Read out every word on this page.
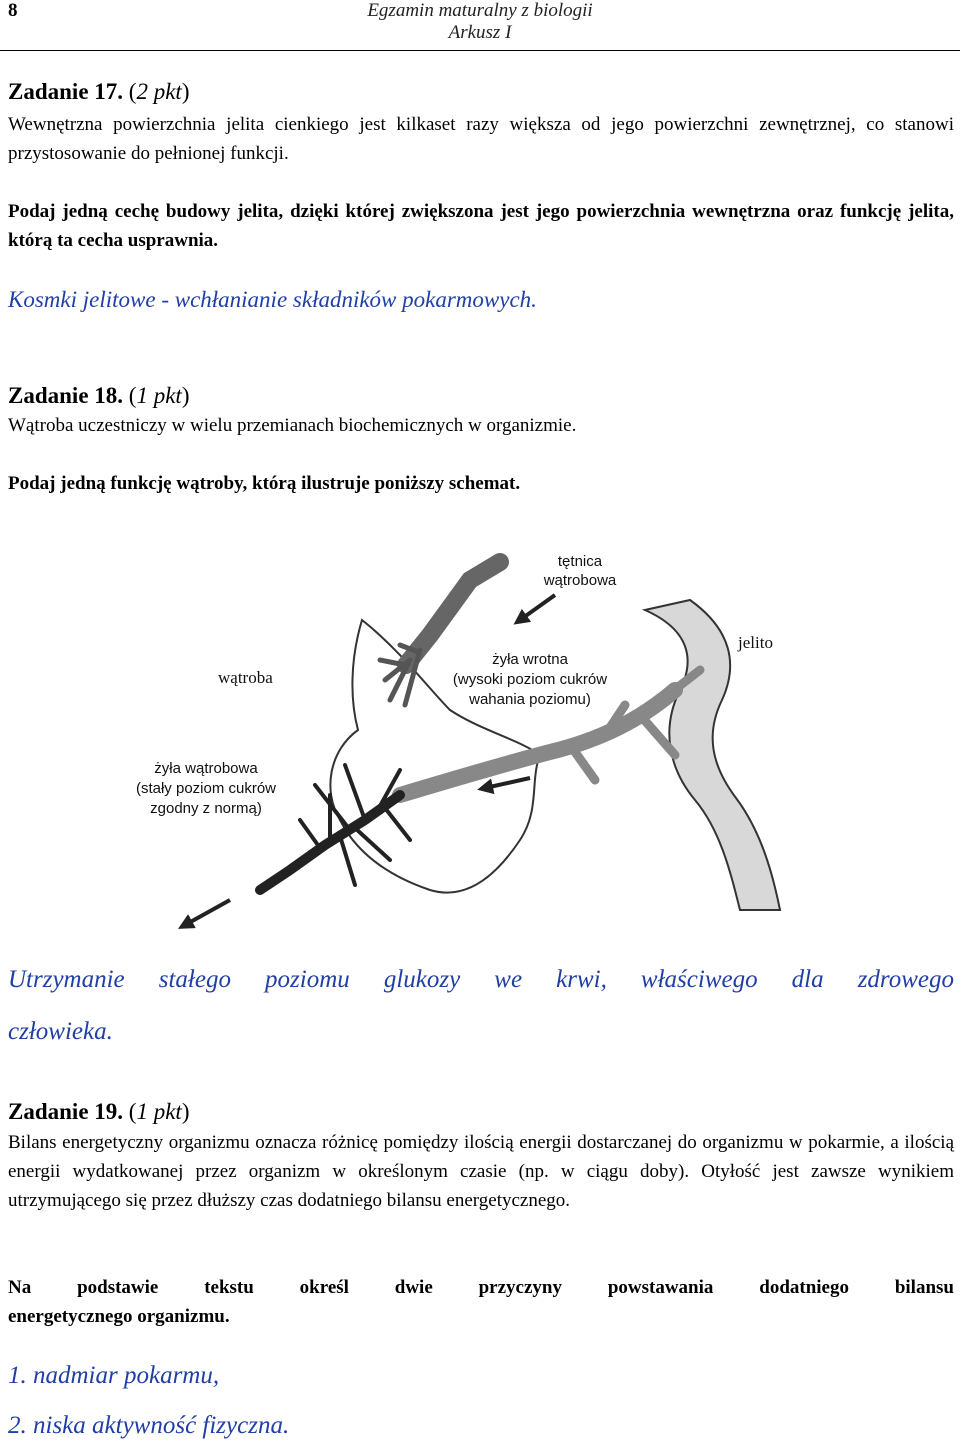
8	Egzamin maturalny z biologii
Arkusz I
Zadanie 17. (2 pkt)
Wewnętrzna powierzchnia jelita cienkiego jest kilkaset razy większa od jego powierzchni zewnętrznej, co stanowi przystosowanie do pełnionej funkcji.
Podaj jedną cechę budowy jelita, dzięki której zwiększona jest jego powierzchnia wewnętrzna oraz funkcję jelita, którą ta cecha usprawnia.
Kosmki jelitowe - wchłanianie składników pokarmowych.
Zadanie 18. (1 pkt)
Wątroba uczestniczy w wielu przemianach biochemicznych w organizmie.
Podaj jedną funkcję wątroby, którą ilustruje poniższy schemat.
tętnica
wątrobowa
jelito
wątroba
żyła wrotna
(wysoki poziom cukrów
wahania poziomu)
żyła wątrobowa
(stały poziom cukrów
zgodny z normą)
Utrzymanie stałego poziomu glukozy we krwi, właściwego dla zdrowego
człowieka.
Zadanie 19. (1 pkt)
Bilans energetyczny organizmu oznacza różnicę pomiędzy ilością energii dostarczanej do organizmu w pokarmie, a ilością energii wydatkowanej przez organizm w określonym czasie (np. w ciągu doby). Otyłość jest zawsze wynikiem utrzymującego się przez dłuższy czas dodatniego bilansu energetycznego.
Na podstawie tekstu określ dwie przyczyny powstawania dodatniego bilansu
energetycznego organizmu.
1. nadmiar pokarmu,
2. niska aktywność fizyczna.
